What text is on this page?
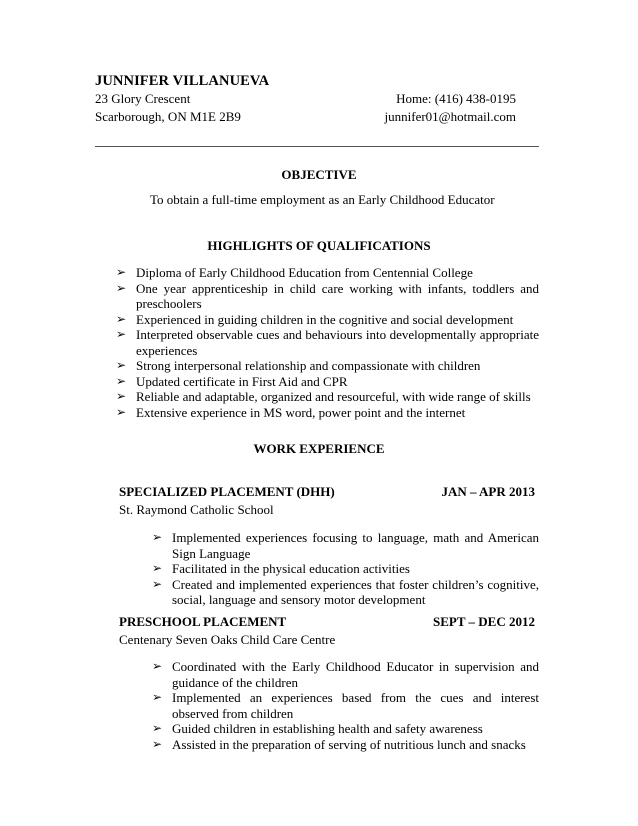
JUNNIFER VILLANUEVA
23 Glory Crescent
Scarborough, ON M1E 2B9
Home: (416) 438-0195
junnifer01@hotmail.com
OBJECTIVE
To obtain a full-time employment as an Early Childhood Educator
HIGHLIGHTS OF QUALIFICATIONS
➢ Diploma of Early Childhood Education from Centennial College
➢ One year apprenticeship in child care working with infants, toddlers and preschoolers
➢ Experienced in guiding children in the cognitive and social development
➢ Interpreted observable cues and behaviours into developmentally appropriate experiences
➢ Strong interpersonal relationship and compassionate with children
➢ Updated certificate in First Aid and CPR
➢ Reliable and adaptable, organized and resourceful, with wide range of skills
➢ Extensive experience in MS word, power point and the internet
WORK EXPERIENCE
SPECIALIZED PLACEMENT (DHH)	JAN – APR 2013
St. Raymond Catholic School
➢ Implemented experiences focusing to language, math and American Sign Language
➢ Facilitated in the physical education activities
➢ Created and implemented experiences that foster children’s cognitive, social, language and sensory motor development
PRESCHOOL PLACEMENT	SEPT – DEC 2012
Centenary Seven Oaks Child Care Centre
➢ Coordinated with the Early Childhood Educator in supervision and guidance of the children
➢ Implemented an experiences based from the cues and interest observed from children
➢ Guided children in establishing health and safety awareness
➢ Assisted in the preparation of serving of nutritious lunch and snacks
